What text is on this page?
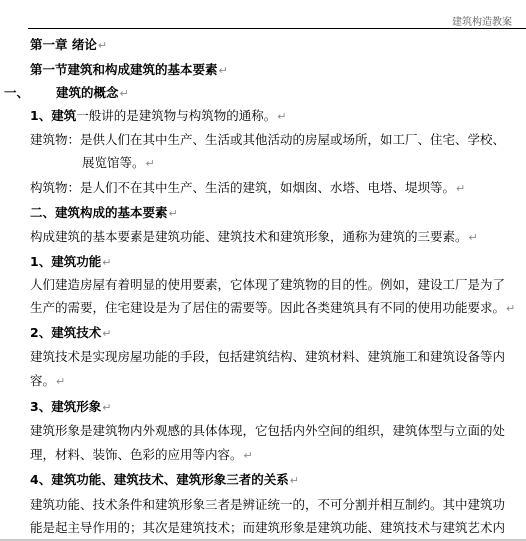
建筑构造教案
第一章 绪论↵
第一节建筑和构成建筑的基本要素↵
一、 建筑的概念↵
1、建筑一般讲的是建筑物与构筑物的通称。↵
建筑物：是供人们在其中生产、生活或其他活动的房屋或场所，如工厂、住宅、学校、
展览馆等。↵
构筑物：是人们不在其中生产、生活的建筑，如烟囱、水塔、电塔、堤坝等。↵
二、建筑构成的基本要素↵
构成建筑的基本要素是建筑功能、建筑技术和建筑形象，通称为建筑的三要素。↵
1、建筑功能↵
人们建造房屋有着明显的使用要素，它体现了建筑物的目的性。例如，建设工厂是为了
生产的需要，住宅建设是为了居住的需要等。因此各类建筑具有不同的使用功能要求。↵
2、建筑技术↵
建筑技术是实现房屋功能的手段，包括建筑结构、建筑材料、建筑施工和建筑设备等内
容。↵
3、建筑形象↵
建筑形象是建筑物内外观感的具体体现，它包括内外空间的组织，建筑体型与立面的处
理，材料、装饰、色彩的应用等内容。↵
4、建筑功能、建筑技术、建筑形象三者的关系↵
建筑功能、技术条件和建筑形象三者是辨证统一的，不可分割并相互制约。其中建筑功
能是起主导作用的；其次是建筑技术；而建筑形象是建筑功能、建筑技术与建筑艺术内
